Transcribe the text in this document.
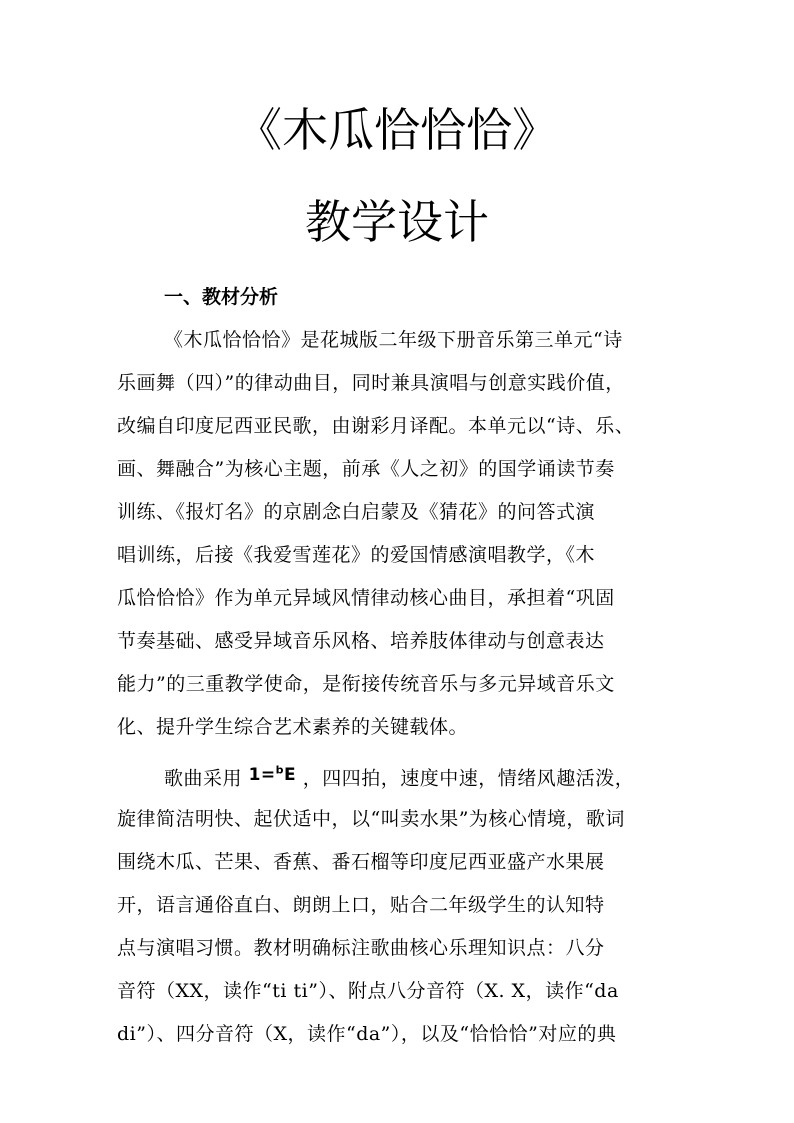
《木瓜恰恰恰》
教学设计
一、教材分析
《木瓜恰恰恰》是花城版二年级下册音乐第三单元“诗
乐画舞（四）”的律动曲目，同时兼具演唱与创意实践价值，
改编自印度尼西亚民歌，由谢彩月译配。本单元以“诗、乐、
画、舞融合”为核心主题，前承《人之初》的国学诵读节奏
训练、《报灯名》的京剧念白启蒙及《猜花》的问答式演
唱训练，后接《我爱雪莲花》的爱国情感演唱教学，《木
瓜恰恰恰》作为单元异域风情律动核心曲目，承担着“巩固
节奏基础、感受异域音乐风格、培养肢体律动与创意表达
能力”的三重教学使命，是衔接传统音乐与多元异域音乐文
化、提升学生综合艺术素养的关键载体。
歌曲采用 1=$^b$E ，四四拍，速度中速，情绪风趣活泼，
旋律简洁明快、起伏适中，以“叫卖水果”为核心情境，歌词
围绕木瓜、芒果、香蕉、番石榴等印度尼西亚盛产水果展
开，语言通俗直白、朗朗上口，贴合二年级学生的认知特
点与演唱习惯。教材明确标注歌曲核心乐理知识点：八分
音符（XX，读作“ti ti”）、附点八分音符（X. X，读作“da
di”）、四分音符（X，读作“da”），以及“恰恰恰”对应的典
